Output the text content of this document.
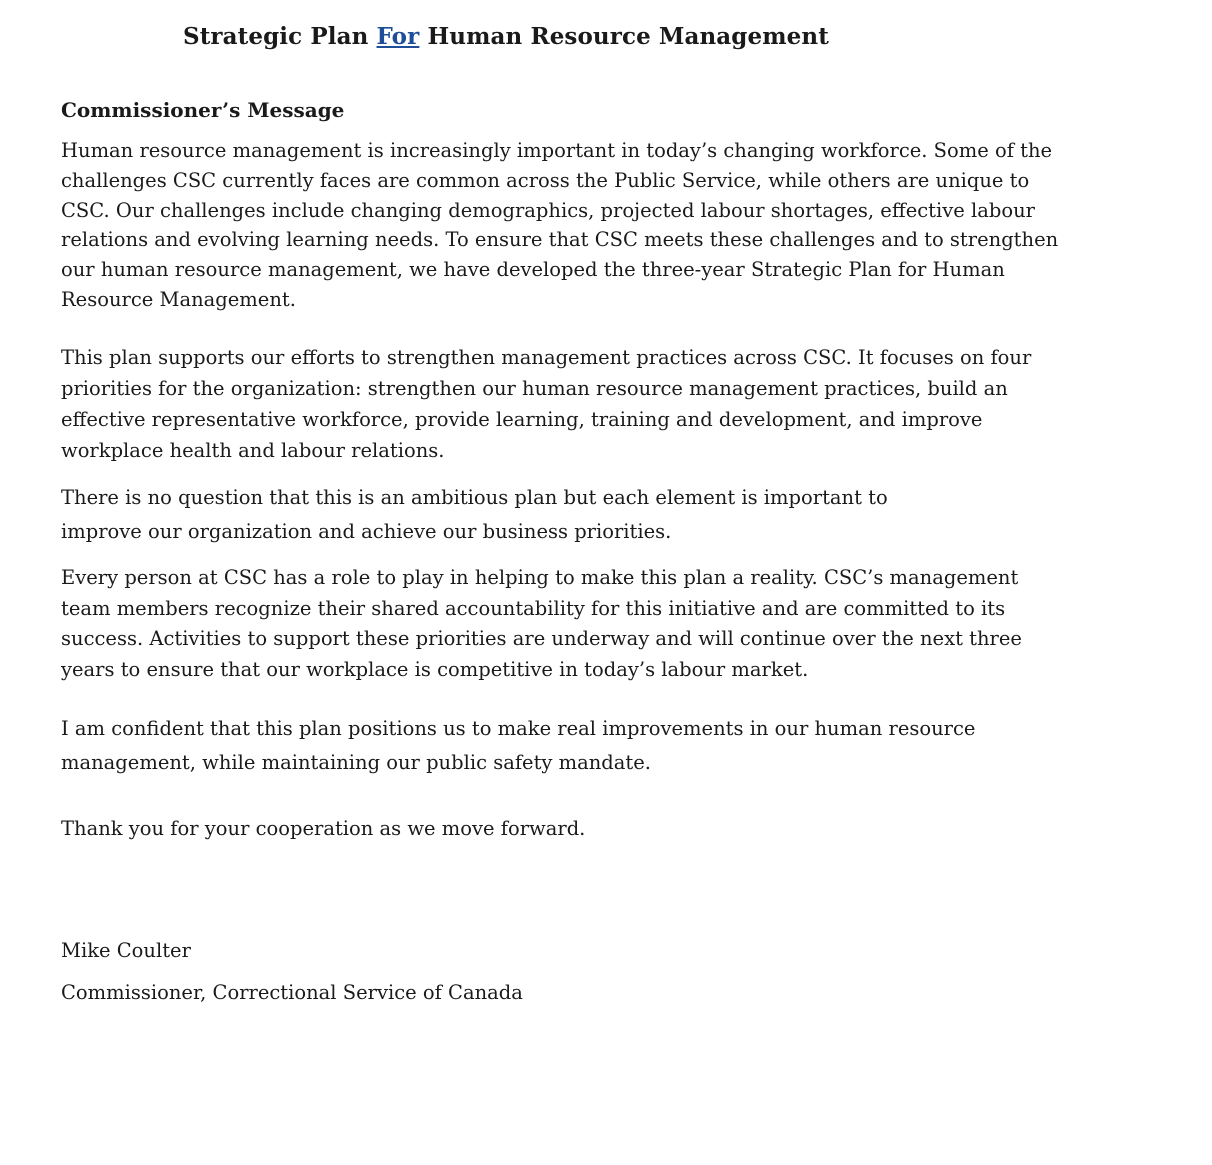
Strategic Plan For Human Resource Management
Commissioner’s Message

Human resource management is increasingly important in today’s changing workforce. Some of the
challenges CSC currently faces are common across the Public Service, while others are unique to
CSC. Our challenges include changing demographics, projected labour shortages, effective labour
relations and evolving learning needs. To ensure that CSC meets these challenges and to strengthen
our human resource management, we have developed the three-year Strategic Plan for Human
Resource Management.

This plan supports our efforts to strengthen management practices across CSC. It focuses on four
priorities for the organization: strengthen our human resource management practices, build an
effective representative workforce, provide learning, training and development, and improve
workplace health and labour relations.

There is no question that this is an ambitious plan but each element is important to
improve our organization and achieve our business priorities.

Every person at CSC has a role to play in helping to make this plan a reality. CSC’s management
team members recognize their shared accountability for this initiative and are committed to its
success. Activities to support these priorities are underway and will continue over the next three
years to ensure that our workplace is competitive in today’s labour market.

I am confident that this plan positions us to make real improvements in our human resource
management, while maintaining our public safety mandate.

Thank you for your cooperation as we move forward.

Mike Coulter

Commissioner, Correctional Service of Canada
